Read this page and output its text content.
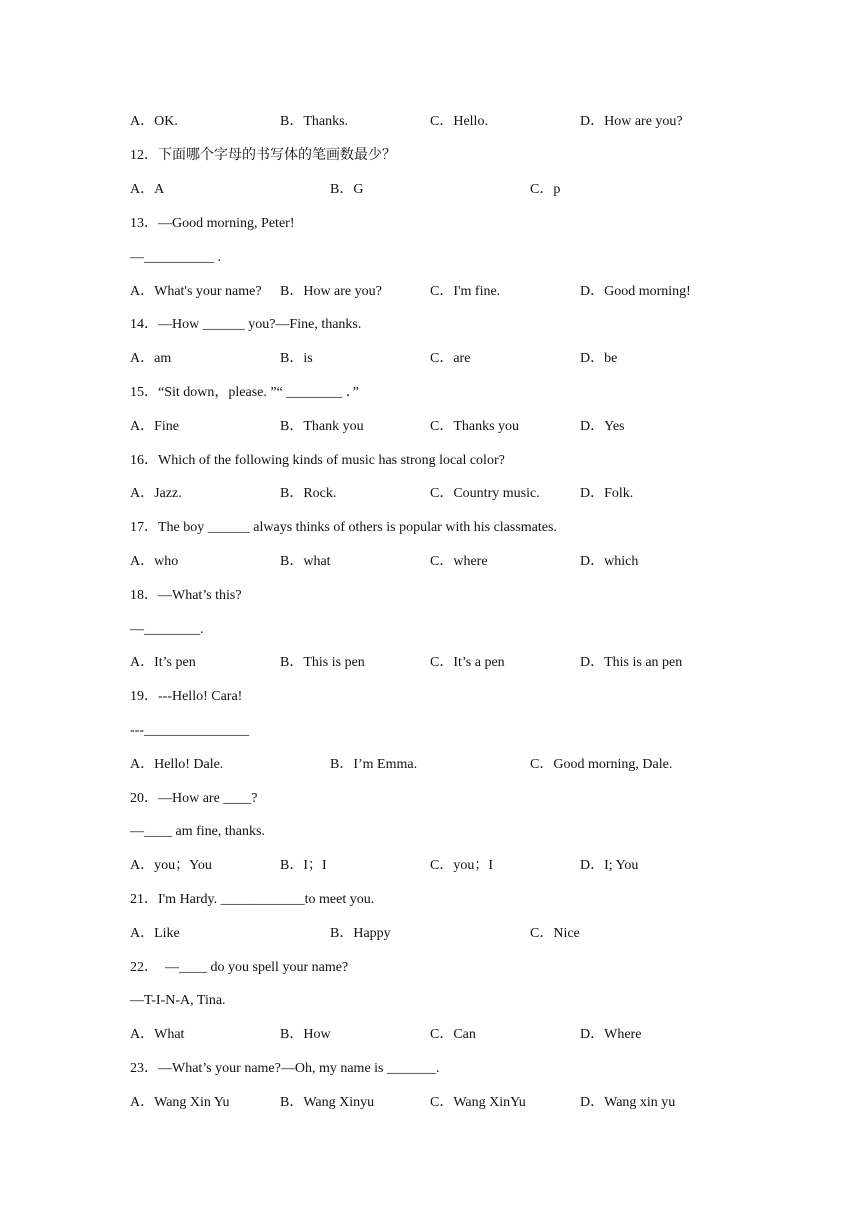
A．OK.	B．Thanks.	C．Hello.	D．How are you?
12．下面哪个字母的书写体的笔画数最少？
A．A	B．G	C．p
13．—Good morning, Peter!
—__________ .
A．What's your name? B．How are you?	C．I'm fine.	D．Good morning!
14．—How ______ you?—Fine, thanks.
A．am	B．is	C．are	D．be
15．“Sit down，please. ”“ ________ ．”
A．Fine	B．Thank you	C．Thanks you	D．Yes
16．Which of the following kinds of music has strong local color?
A．Jazz.	B．Rock.	C．Country music.	D．Folk.
17．The boy ______ always thinks of others is popular with his classmates.
A．who	B．what	C．where	D．which
18．—What’s this?
—________.
A．It’s pen	B．This is pen	C．It’s a pen	D．This is an pen
19．---Hello! Cara!
---_______________
A．Hello! Dale.	B．I’m Emma.	C．Good morning, Dale.
20．—How are ____?
—____ am fine, thanks.
A．you；You	B．I；I	C．you；I	D．I; You
21．I'm Hardy. ____________to meet you.
A．Like	B．Happy	C．Nice
22．  —____ do you spell your name?
—T-I-N-A, Tina.
A．What	B．How	C．Can	D．Where
23．—What’s your name?—Oh, my name is _______.
A．Wang Xin Yu	B．Wang Xinyu	C．Wang XinYu	D．Wang xin yu
